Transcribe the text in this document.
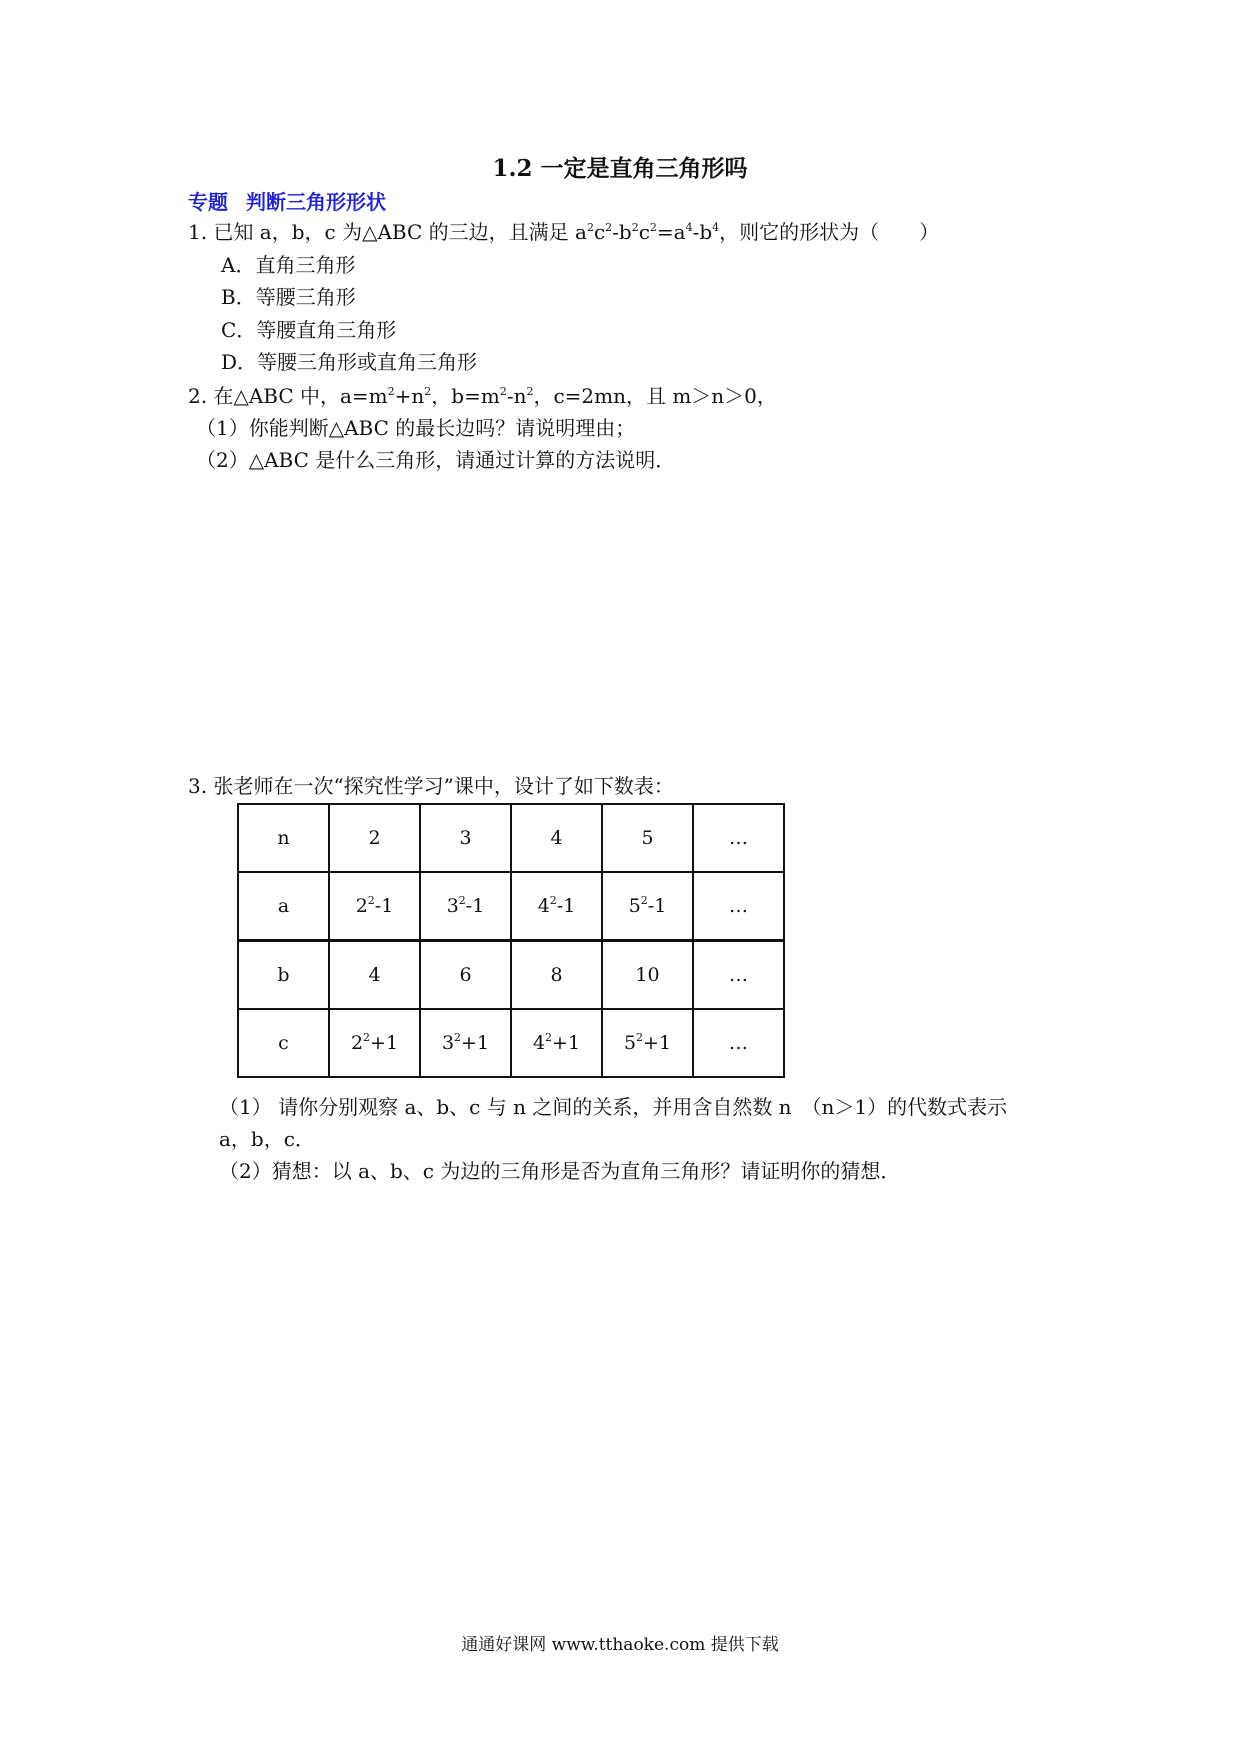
1.2 一定是直角三角形吗
专题 判断三角形形状
1. 已知 a，b，c 为△ABC 的三边，且满足 $a^2c^2-b^2c^2=a^4-b^4$，则它的形状为（　　）
A．直角三角形
B．等腰三角形
C．等腰直角三角形
D．等腰三角形或直角三角形
2. 在△ABC 中，$a=m^2+n^2$，$b=m^2-n^2$，c=2mn，且 m＞n＞0，
（1）你能判断△ABC 的最长边吗？请说明理由；
（2）△ABC 是什么三角形，请通过计算的方法说明．
3. 张老师在一次“探究性学习”课中，设计了如下数表：
n	2	3	4	5	…
a	$2^2-1$	$3^2-1$	$4^2-1$	$5^2-1$	…
b	4	6	8	10	…
c	$2^2+1$	$3^2+1$	$4^2+1$	$5^2+1$	…
（1） 请你分别观察 a、b、c 与 n 之间的关系，并用含自然数 n　（n＞1）的代数式表示
a，b，c．
（2）猜想：以 a、b、c 为边的三角形是否为直角三角形？请证明你的猜想．
通通好课网 www.tthaoke.com 提供下载
